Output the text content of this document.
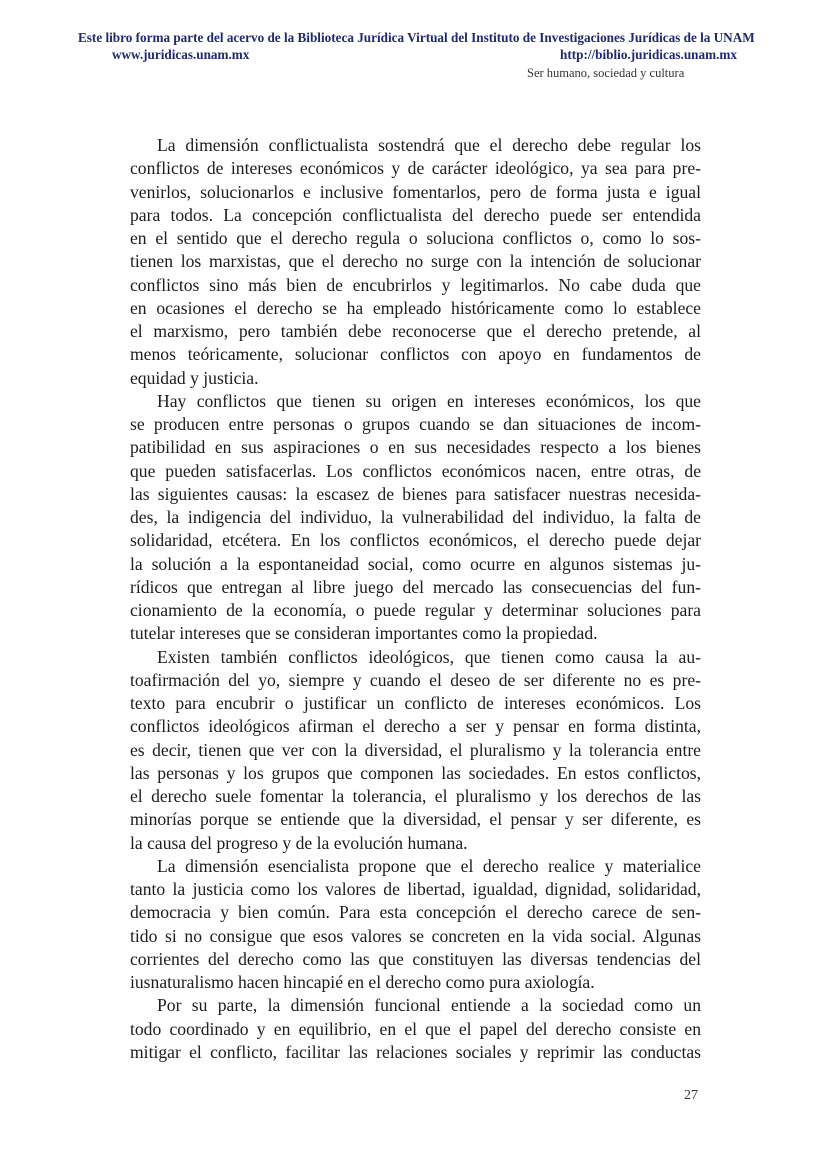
Este libro forma parte del acervo de la Biblioteca Jurídica Virtual del Instituto de Investigaciones Jurídicas de la UNAM
www.juridicas.unam.mx	http://biblio.juridicas.unam.mx
Ser humano, sociedad y cultura
La dimensión conflictualista sostendrá que el derecho debe regular los
conflictos de intereses económicos y de carácter ideológico, ya sea para pre-
venirlos, solucionarlos e inclusive fomentarlos, pero de forma justa e igual
para todos. La concepción conflictualista del derecho puede ser entendida
en el sentido que el derecho regula o soluciona conflictos o, como lo sos-
tienen los marxistas, que el derecho no surge con la intención de solucionar
conflictos sino más bien de encubrirlos y legitimarlos. No cabe duda que
en ocasiones el derecho se ha empleado históricamente como lo establece
el marxismo, pero también debe reconocerse que el derecho pretende, al
menos teóricamente, solucionar conflictos con apoyo en fundamentos de
equidad y justicia.
Hay conflictos que tienen su origen en intereses económicos, los que
se producen entre personas o grupos cuando se dan situaciones de incom-
patibilidad en sus aspiraciones o en sus necesidades respecto a los bienes
que pueden satisfacerlas. Los conflictos económicos nacen, entre otras, de
las siguientes causas: la escasez de bienes para satisfacer nuestras necesida-
des, la indigencia del individuo, la vulnerabilidad del individuo, la falta de
solidaridad, etcétera. En los conflictos económicos, el derecho puede dejar
la solución a la espontaneidad social, como ocurre en algunos sistemas ju-
rídicos que entregan al libre juego del mercado las consecuencias del fun-
cionamiento de la economía, o puede regular y determinar soluciones para
tutelar intereses que se consideran importantes como la propiedad.
Existen también conflictos ideológicos, que tienen como causa la au-
toafirmación del yo, siempre y cuando el deseo de ser diferente no es pre-
texto para encubrir o justificar un conflicto de intereses económicos. Los
conflictos ideológicos afirman el derecho a ser y pensar en forma distinta,
es decir, tienen que ver con la diversidad, el pluralismo y la tolerancia entre
las personas y los grupos que componen las sociedades. En estos conflictos,
el derecho suele fomentar la tolerancia, el pluralismo y los derechos de las
minorías porque se entiende que la diversidad, el pensar y ser diferente, es
la causa del progreso y de la evolución humana.
La dimensión esencialista propone que el derecho realice y materialice
tanto la justicia como los valores de libertad, igualdad, dignidad, solidaridad,
democracia y bien común. Para esta concepción el derecho carece de sen-
tido si no consigue que esos valores se concreten en la vida social. Algunas
corrientes del derecho como las que constituyen las diversas tendencias del
iusnaturalismo hacen hincapié en el derecho como pura axiología.
Por su parte, la dimensión funcional entiende a la sociedad como un
todo coordinado y en equilibrio, en el que el papel del derecho consiste en
mitigar el conflicto, facilitar las relaciones sociales y reprimir las conductas
27
